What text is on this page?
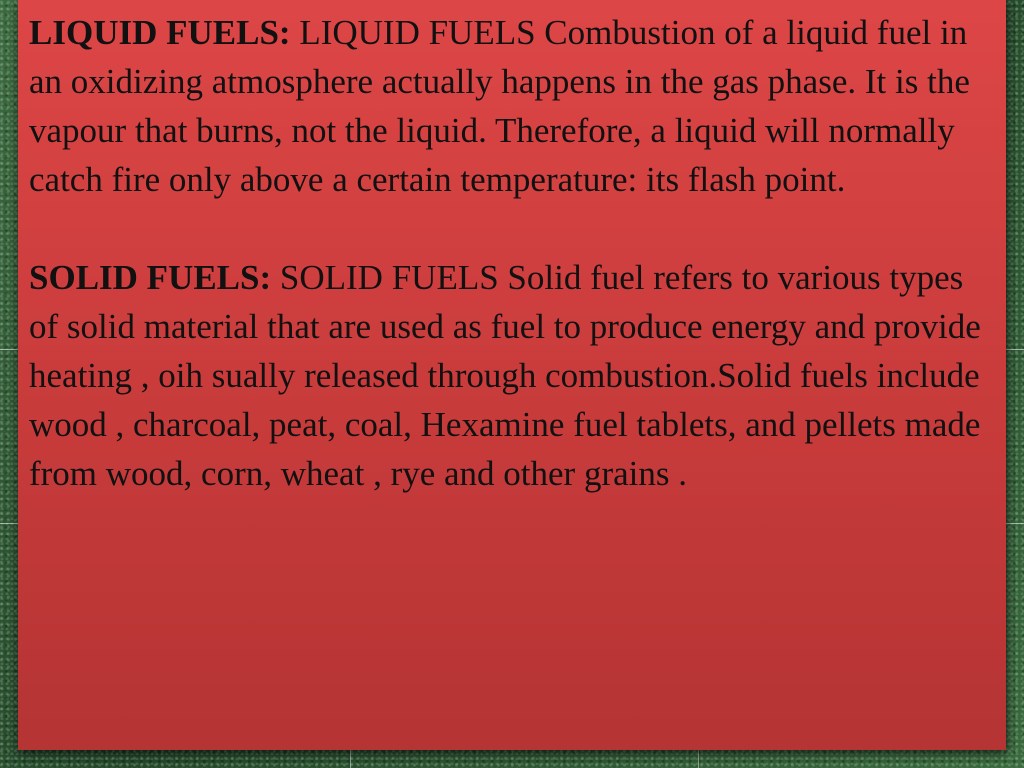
LIQUID FUELS: LIQUID FUELS Combustion of a liquid fuel in an oxidizing atmosphere actually happens in the gas phase. It is the vapour that burns, not the liquid. Therefore, a liquid will normally catch fire only above a certain temperature: its flash point.

SOLID FUELS: SOLID FUELS Solid fuel refers to various types of solid material that are used as fuel to produce energy and provide heating , oih sually released through combustion.Solid fuels include wood , charcoal, peat, coal, Hexamine fuel tablets, and pellets made from wood, corn, wheat , rye and other grains .
